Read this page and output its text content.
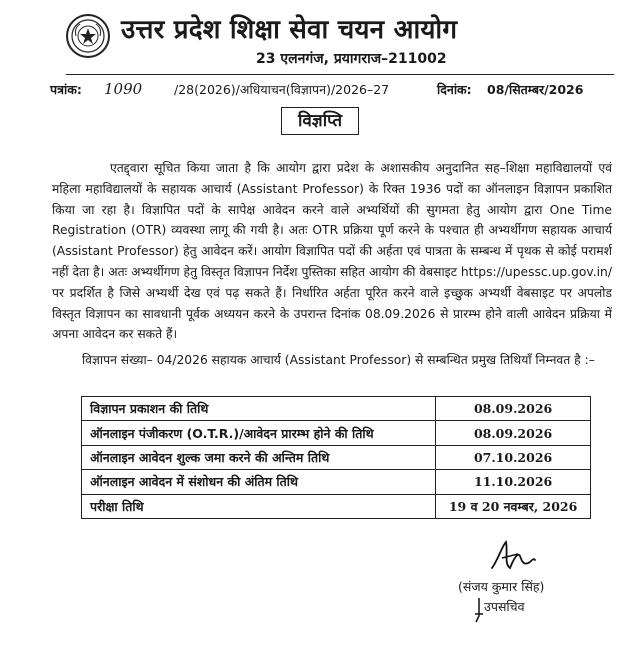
उत्तर प्रदेश शिक्षा सेवा चयन आयोग
23 एलनगंज, प्रयागराज–211002
पत्रांक: 1090	/28(2026)/अधियाचन(विज्ञापन)/2026–27	दिनांक: 08/सितम्बर/2026
विज्ञप्ति

एतद्द्वारा सूचित किया जाता है कि आयोग द्वारा प्रदेश के अशासकीय अनुदानित सह–शिक्षा महाविद्यालयों एवं महिला महाविद्यालयों के सहायक आचार्य (Assistant Professor) के रिक्त 1936 पदों का ऑनलाइन विज्ञापन प्रकाशित किया जा रहा है। विज्ञापित पदों के सापेक्ष आवेदन करने वाले अभ्यर्थियों की सुगमता हेतु आयोग द्वारा One Time Registration (OTR) व्यवस्था लागू की गयी है। अतः OTR प्रक्रिया पूर्ण करने के पश्चात ही अभ्यर्थीगण सहायक आचार्य (Assistant Professor) हेतु आवेदन करें। आयोग विज्ञापित पदों की अर्हता एवं पात्रता के सम्बन्ध में पृथक से कोई परामर्श नहीं देता है। अतः अभ्यर्थीगण हेतु विस्तृत विज्ञापन निर्देश पुस्तिका सहित आयोग की वेबसाइट https://upessc.up.gov.in/ पर प्रदर्शित है जिसे अभ्यर्थी देख एवं पढ़ सकते हैं। निर्धारित अर्हता पूरित करने वाले इच्छुक अभ्यर्थी वेबसाइट पर अपलोड विस्तृत विज्ञापन का सावधानी पूर्वक अध्ययन करने के उपरान्त दिनांक 08.09.2026 से प्रारम्भ होने वाली आवेदन प्रक्रिया में अपना आवेदन कर सकते हैं।

विज्ञापन संख्या– 04/2026 सहायक आचार्य (Assistant Professor) से सम्बन्धित प्रमुख तिथियाँ निम्नवत है :–

विज्ञापन प्रकाशन की तिथि	08.09.2026
ऑनलाइन पंजीकरण (O.T.R.)/आवेदन प्रारम्भ होने की तिथि	08.09.2026
ऑनलाइन आवेदन शुल्क जमा करने की अन्तिम तिथि	07.10.2026
ऑनलाइन आवेदन में संशोधन की अंतिम तिथि	11.10.2026
परीक्षा तिथि	19 व 20 नवम्बर, 2026
(संजय कुमार सिंह)
उपसचिव
